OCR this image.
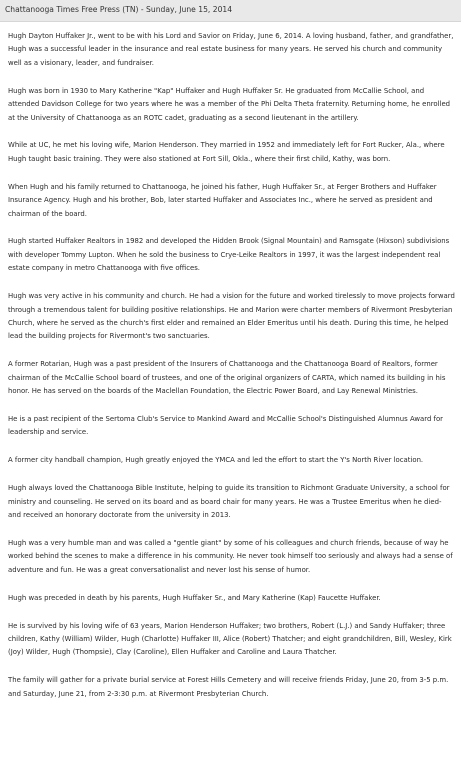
Chattanooga Times Free Press (TN) - Sunday, June 15, 2014

Hugh Dayton Huffaker Jr., went to be with his Lord and Savior on Friday, June 6, 2014. A loving husband, father, and grandfather, Hugh was a successful leader in the insurance and real estate business for many years. He served his church and community well as a visionary, leader, and fundraiser.

Hugh was born in 1930 to Mary Katherine "Kap" Huffaker and Hugh Huffaker Sr. He graduated from McCallie School, and attended Davidson College for two years where he was a member of the Phi Delta Theta fraternity. Returning home, he enrolled at the University of Chattanooga as an ROTC cadet, graduating as a second lieutenant in the artillery.

While at UC, he met his loving wife, Marion Henderson. They married in 1952 and immediately left for Fort Rucker, Ala., where Hugh taught basic training. They were also stationed at Fort Sill, Okla., where their first child, Kathy, was born.

When Hugh and his family returned to Chattanooga, he joined his father, Hugh Huffaker Sr., at Ferger Brothers and Huffaker Insurance Agency. Hugh and his brother, Bob, later started Huffaker and Associates Inc., where he served as president and chairman of the board.

Hugh started Huffaker Realtors in 1982 and developed the Hidden Brook (Signal Mountain) and Ramsgate (Hixson) subdivisions with developer Tommy Lupton. When he sold the business to Crye-Leike Realtors in 1997, it was the largest independent real estate company in metro Chattanooga with five offices.

Hugh was very active in his community and church. He had a vision for the future and worked tirelessly to move projects forward through a tremendous talent for building positive relationships. He and Marion were charter members of Rivermont Presbyterian Church, where he served as the church's first elder and remained an Elder Emeritus until his death. During this time, he helped lead the building projects for Rivermont's two sanctuaries.

A former Rotarian, Hugh was a past president of the Insurers of Chattanooga and the Chattanooga Board of Realtors, former chairman of the McCallie School board of trustees, and one of the original organizers of CARTA, which named its building in his honor. He has served on the boards of the Maclellan Foundation, the Electric Power Board, and Lay Renewal Ministries.

He is a past recipient of the Sertoma Club's Service to Mankind Award and McCallie School's Distinguished Alumnus Award for leadership and service.

A former city handball champion, Hugh greatly enjoyed the YMCA and led the effort to start the Y's North River location.

Hugh always loved the Chattanooga Bible Institute, helping to guide its transition to Richmont Graduate University, a school for ministry and counseling. He served on its board and as board chair for many years. He was a Trustee Emeritus when he died- and received an honorary doctorate from the university in 2013.

Hugh was a very humble man and was called a "gentle giant" by some of his colleagues and church friends, because of way he worked behind the scenes to make a difference in his community. He never took himself too seriously and always had a sense of adventure and fun. He was a great conversationalist and never lost his sense of humor.

Hugh was preceded in death by his parents, Hugh Huffaker Sr., and Mary Katherine (Kap) Faucette Huffaker.

He is survived by his loving wife of 63 years, Marion Henderson Huffaker; two brothers, Robert (L.J.) and Sandy Huffaker; three children, Kathy (William) Wilder, Hugh (Charlotte) Huffaker III, Alice (Robert) Thatcher; and eight grandchildren, Bill, Wesley, Kirk (Joy) Wilder, Hugh (Thompsie), Clay (Caroline), Ellen Huffaker and Caroline and Laura Thatcher.

The family will gather for a private burial service at Forest Hills Cemetery and will receive friends Friday, June 20, from 3-5 p.m. and Saturday, June 21, from 2-3:30 p.m. at Rivermont Presbyterian Church.
